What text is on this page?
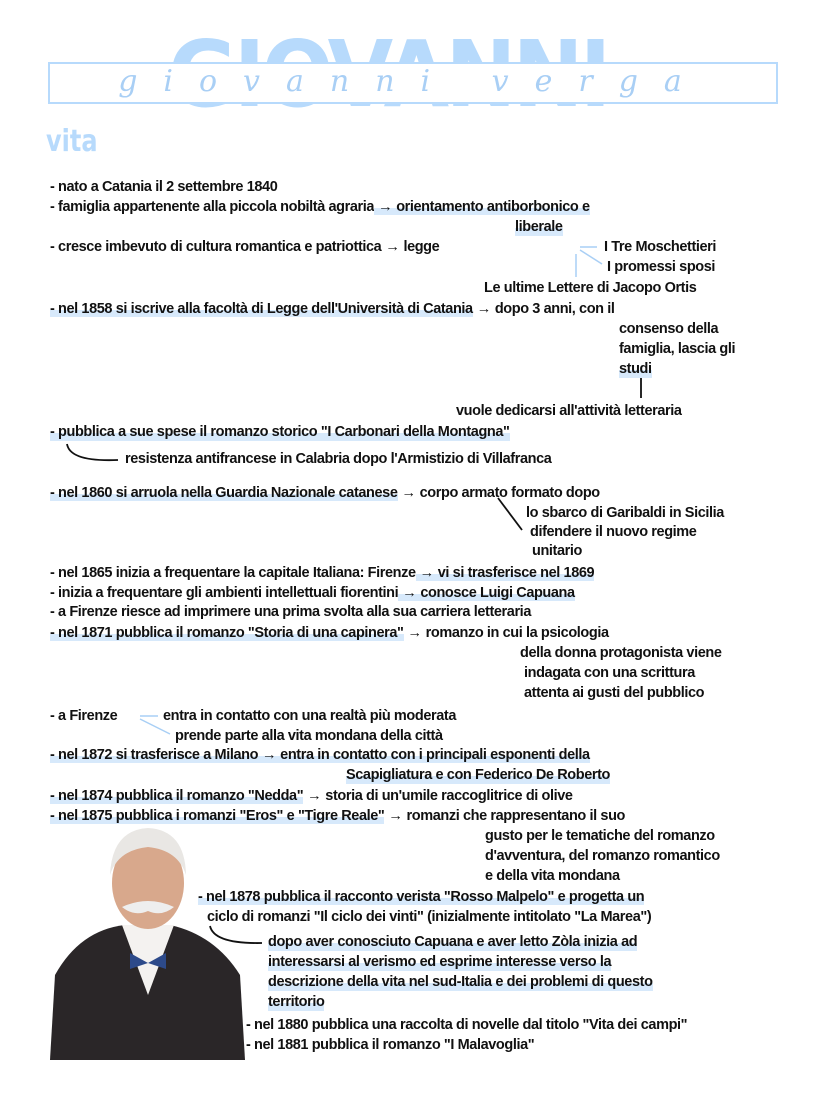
GIOVANNI VERGA
giovanni verga
vita
- nato a Catania il 2 settembre 1840
- famiglia appartenente alla piccola nobiltà agraria → orientamento antiborbonico e
liberale
- cresce imbevuto di cultura romantica e patriottica → legge	I Tre Moschettieri
I promessi sposi
Le ultime Lettere di Jacopo Ortis
- nel 1858 si iscrive alla facoltà di Legge dell'Università di Catania → dopo 3 anni, con il
consenso della
famiglia, lascia gli
studi
vuole dedicarsi all'attività letteraria
- pubblica a sue spese il romanzo storico "I Carbonari della Montagna"
resistenza antifrancese in Calabria dopo l'Armistizio di Villafranca
- nel 1860 si arruola nella Guardia Nazionale catanese → corpo armato formato dopo
lo sbarco di Garibaldi in Sicilia
difendere il nuovo regime
unitario
- nel 1865 inizia a frequentare la capitale Italiana: Firenze → vi si trasferisce nel 1869
- inizia a frequentare gli ambienti intellettuali fiorentini → conosce Luigi Capuana
- a Firenze riesce ad imprimere una prima svolta alla sua carriera letteraria
- nel 1871 pubblica il romanzo "Storia di una capinera" → romanzo in cui la psicologia
della donna protagonista viene
indagata con una scrittura
attenta ai gusti del pubblico
- a Firenze	entra in contatto con una realtà più moderata
prende parte alla vita mondana della città
- nel 1872 si trasferisce a Milano → entra in contatto con i principali esponenti della
Scapigliatura e con Federico De Roberto
- nel 1874 pubblica il romanzo "Nedda" → storia di un'umile raccoglitrice di olive
- nel 1875 pubblica i romanzi "Eros" e "Tigre Reale" → romanzi che rappresentano il suo
gusto per le tematiche del romanzo
d'avventura, del romanzo romantico
e della vita mondana
- nel 1878 pubblica il racconto verista "Rosso Malpelo" e progetta un
ciclo di romanzi "Il ciclo dei vinti" (inizialmente intitolato "La Marea")
dopo aver conosciuto Capuana e aver letto Zòla inizia ad
interessarsi al verismo ed esprime interesse verso la
descrizione della vita nel sud-Italia e dei problemi di questo
territorio
- nel 1880 pubblica una raccolta di novelle dal titolo "Vita dei campi"
- nel 1881 pubblica il romanzo "I Malavoglia"
